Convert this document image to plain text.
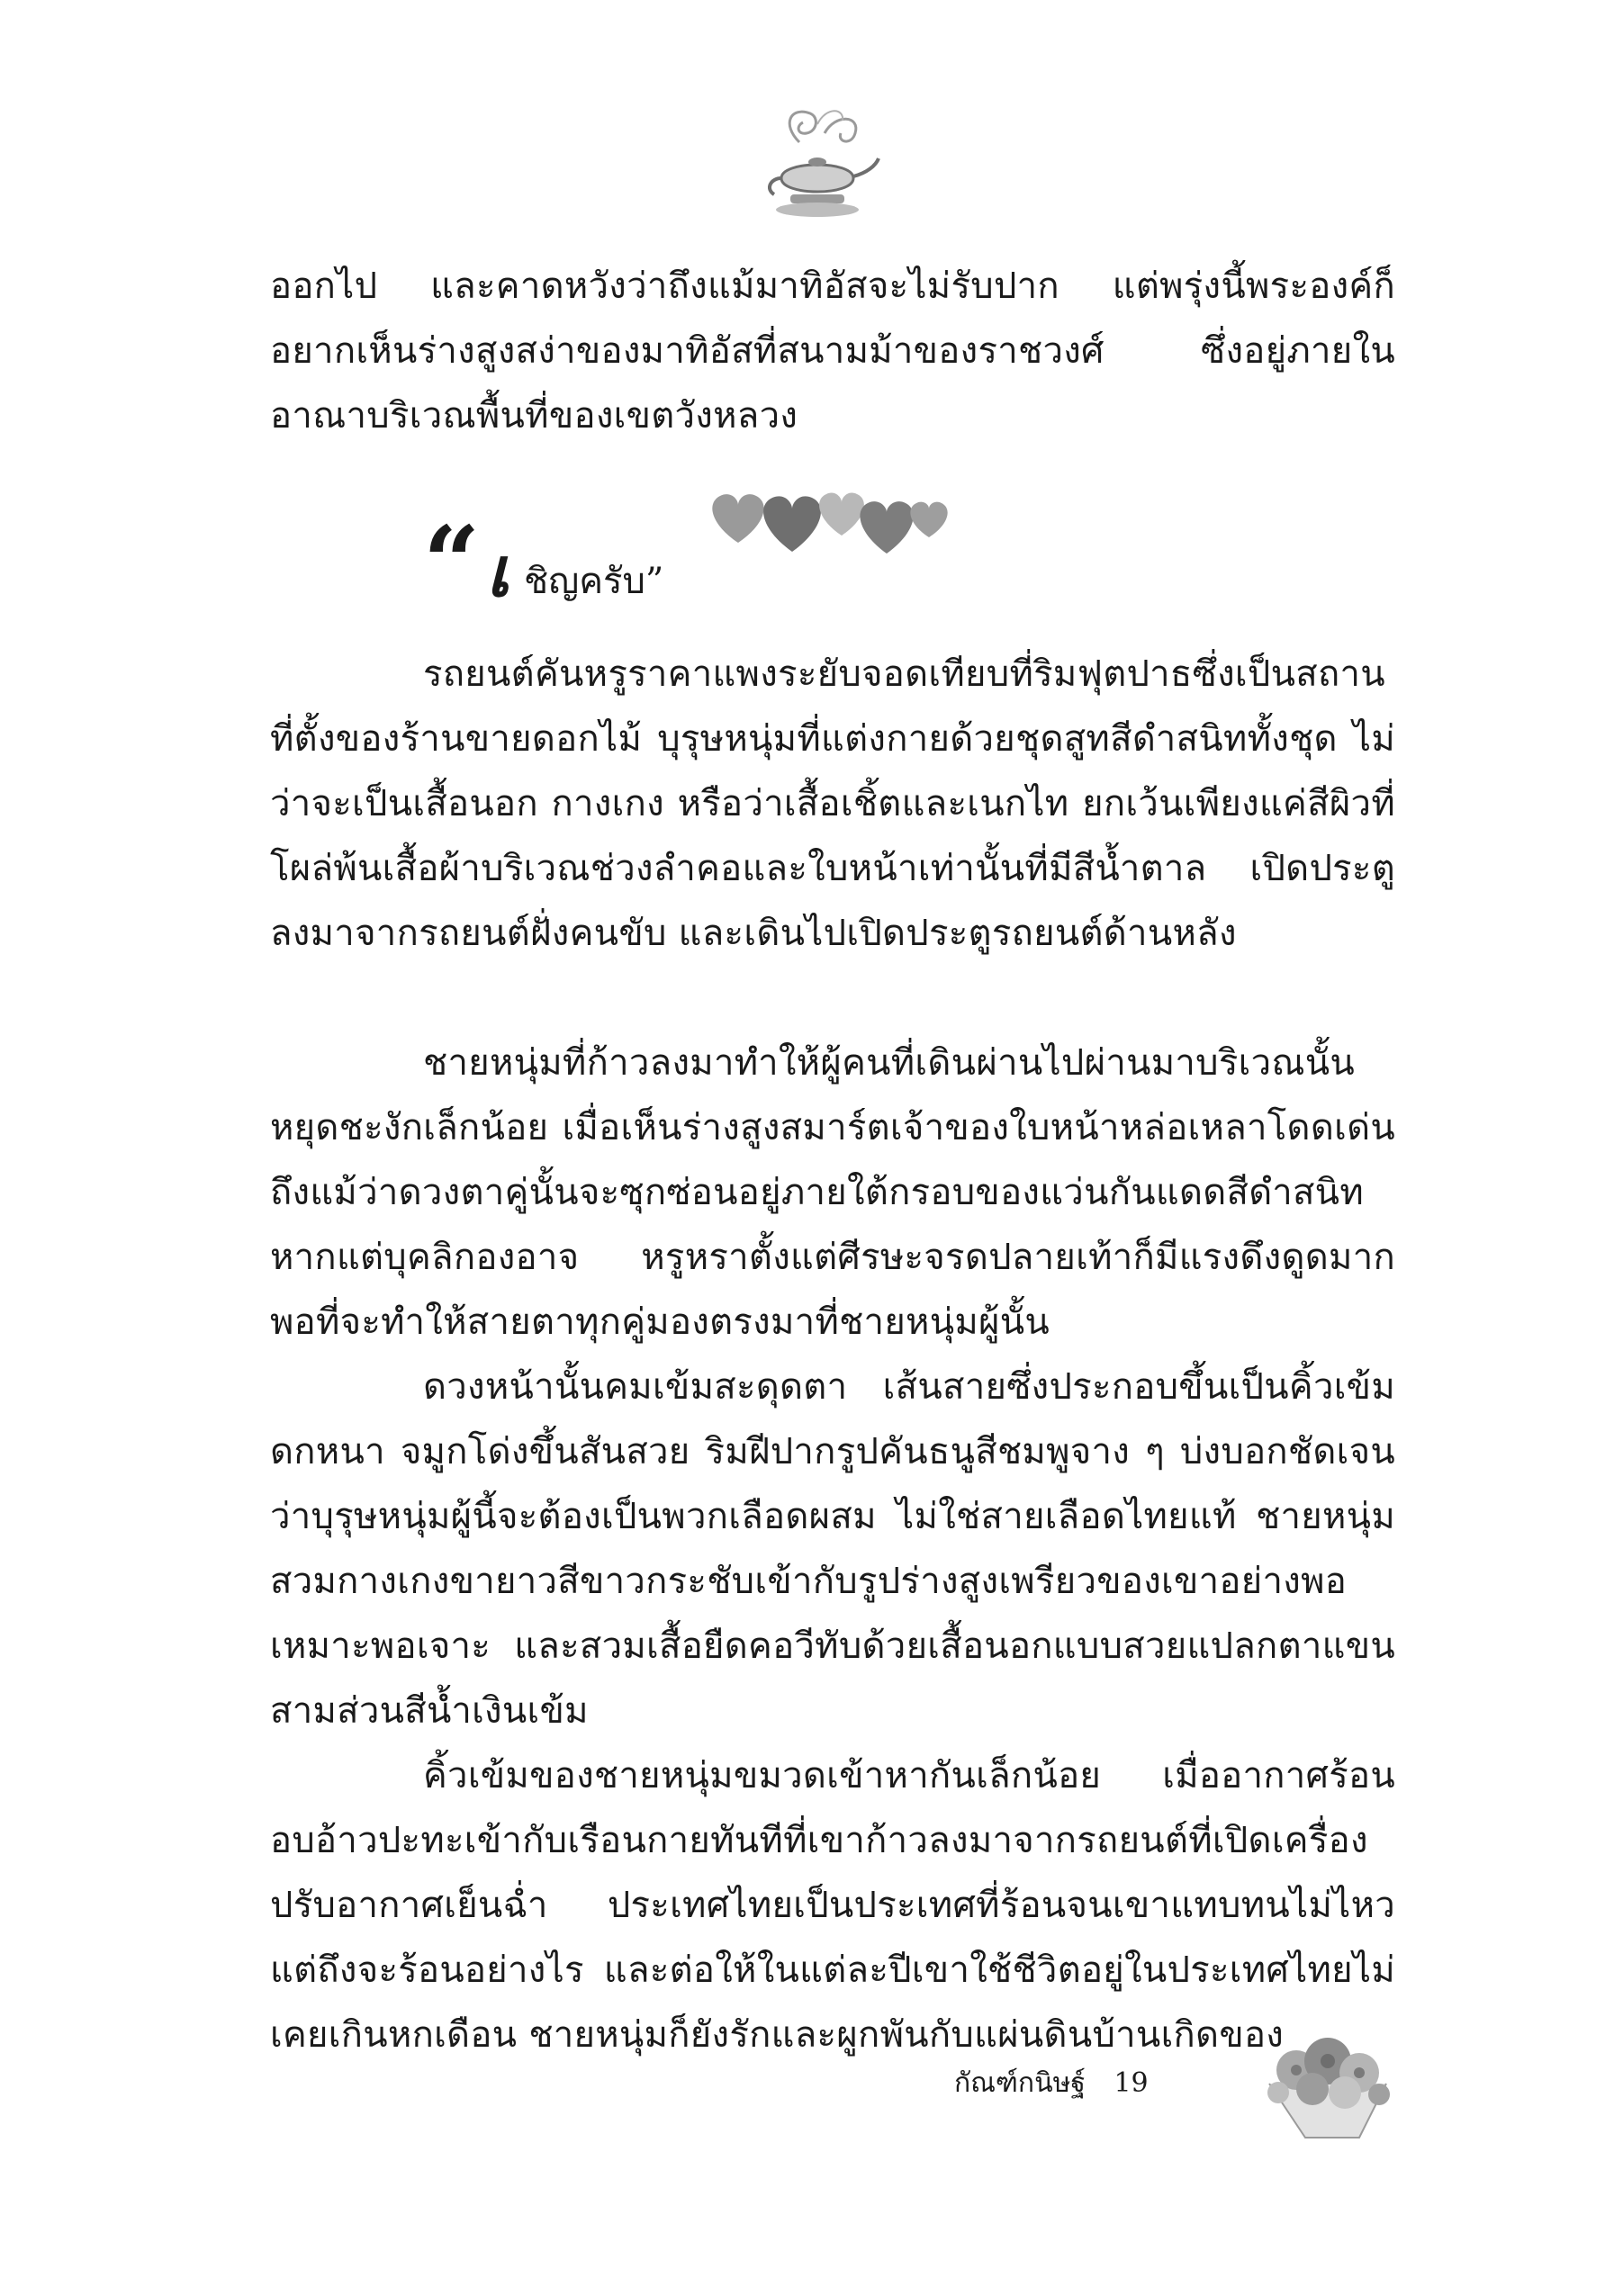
ออกไป และคาดหวังว่าถึงแม้มาทิอัสจะไม่รับปาก แต่พรุ่งนี้พระองค์ก็อยากเห็นร่างสูงสง่าของมาทิอัสที่สนามม้าของราชวงศ์ ซึ่งอยู่ภายในอาณาบริเวณพื้นที่ของเขตวังหลวง

“ เ ชิญครับ”

รถยนต์คันหรูราคาแพงระยับจอดเทียบที่ริมฟุตปาธซึ่งเป็นสถานที่ตั้งของร้านขายดอกไม้ บุรุษหนุ่มที่แต่งกายด้วยชุดสูทสีดำสนิททั้งชุด ไม่ว่าจะเป็นเสื้อนอก กางเกง หรือว่าเสื้อเชิ้ตและเนกไท ยกเว้นเพียงแค่สีผิวที่โผล่พ้นเสื้อผ้าบริเวณช่วงลำคอและใบหน้าเท่านั้นที่มีสีน้ำตาล เปิดประตูลงมาจากรถยนต์ฝั่งคนขับ และเดินไปเปิดประตูรถยนต์ด้านหลัง

ชายหนุ่มที่ก้าวลงมาทำให้ผู้คนที่เดินผ่านไปผ่านมาบริเวณนั้นหยุดชะงักเล็กน้อย เมื่อเห็นร่างสูงสมาร์ตเจ้าของใบหน้าหล่อเหลาโดดเด่นถึงแม้ว่าดวงตาคู่นั้นจะซุกซ่อนอยู่ภายใต้กรอบของแว่นกันแดดสีดำสนิทหากแต่บุคลิกองอาจ หรูหราตั้งแต่ศีรษะจรดปลายเท้าก็มีแรงดึงดูดมากพอที่จะทำให้สายตาทุกคู่มองตรงมาที่ชายหนุ่มผู้นั้น

ดวงหน้านั้นคมเข้มสะดุดตา เส้นสายซึ่งประกอบขึ้นเป็นคิ้วเข้มดกหนา จมูกโด่งขึ้นสันสวย ริมฝีปากรูปคันธนูสีชมพูจาง ๆ บ่งบอกชัดเจนว่าบุรุษหนุ่มผู้นี้จะต้องเป็นพวกเลือดผสม ไม่ใช่สายเลือดไทยแท้ ชายหนุ่มสวมกางเกงขายาวสีขาวกระชับเข้ากับรูปร่างสูงเพรียวของเขาอย่างพอเหมาะพอเจาะ และสวมเสื้อยืดคอวีทับด้วยเสื้อนอกแบบสวยแปลกตาแขนสามส่วนสีน้ำเงินเข้ม

คิ้วเข้มของชายหนุ่มขมวดเข้าหากันเล็กน้อย เมื่ออากาศร้อนอบอ้าวปะทะเข้ากับเรือนกายทันทีที่เขาก้าวลงมาจากรถยนต์ที่เปิดเครื่องปรับอากาศเย็นฉ่ำ ประเทศไทยเป็นประเทศที่ร้อนจนเขาแทบทนไม่ไหว แต่ถึงจะร้อนอย่างไร และต่อให้ในแต่ละปีเขาใช้ชีวิตอยู่ในประเทศไทยไม่เคยเกินหกเดือน ชายหนุ่มก็ยังรักและผูกพันกับแผ่นดินบ้านเกิดของ

กัณฑ์กนิษฐ์ 19
